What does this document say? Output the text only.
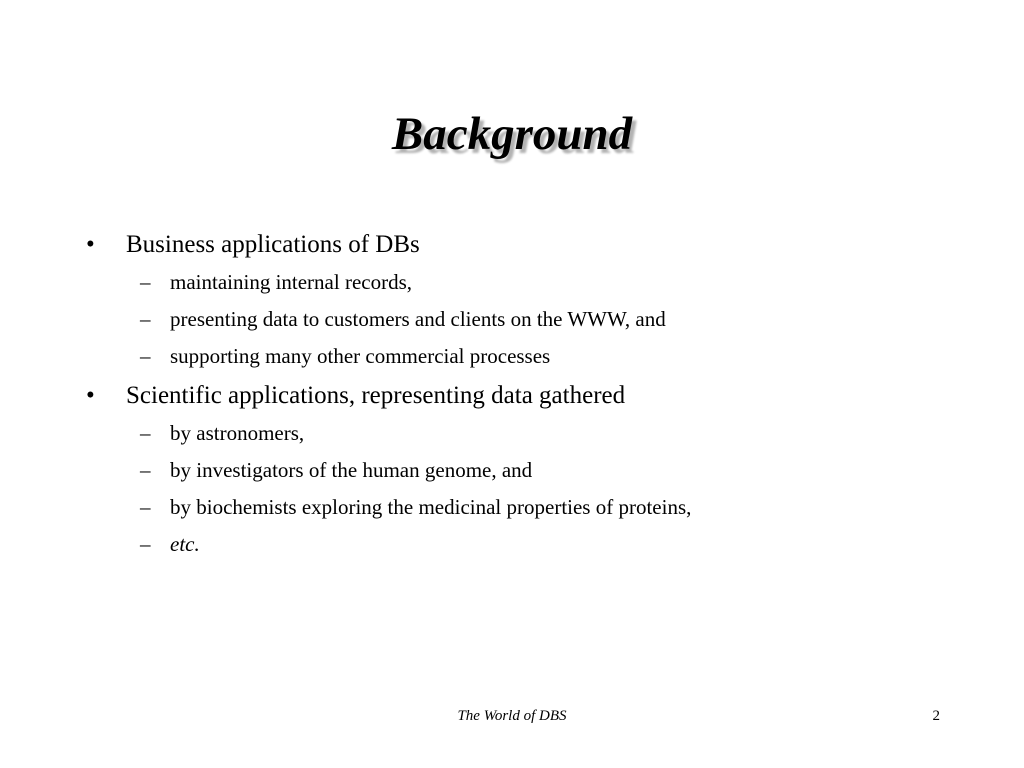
Background
• Business applications of DBs
– maintaining internal records,
– presenting data to customers and clients on the WWW, and
– supporting many other commercial processes
• Scientific applications, representing data gathered
– by astronomers,
– by investigators of the human genome, and
– by biochemists exploring the medicinal properties of proteins,
– etc.
The World of DBS	2
